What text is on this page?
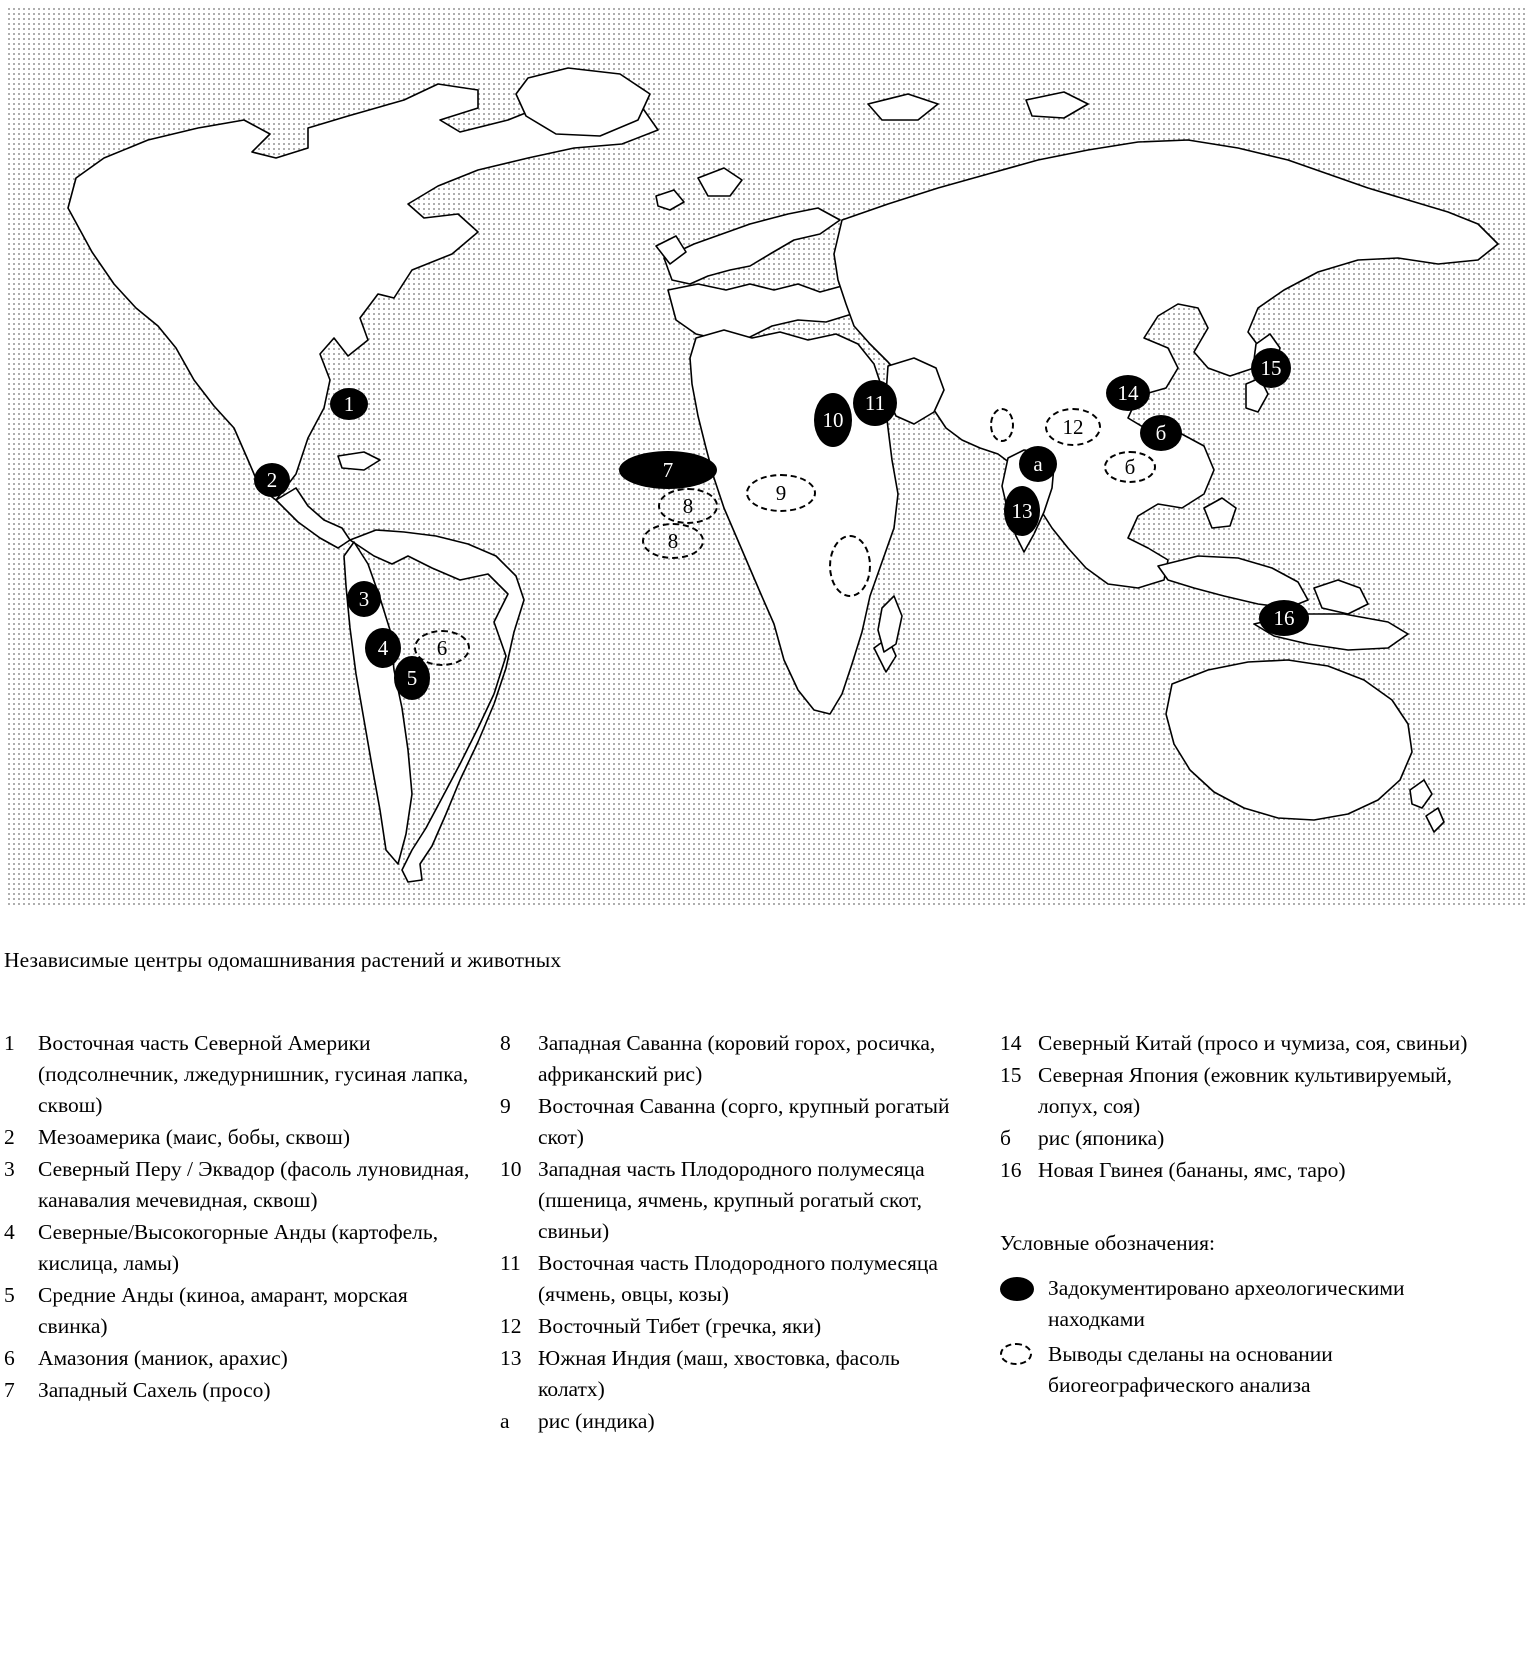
1
2
3
4
5
6
7
8
8
9
10
11
12
13
14
15
16
б
б
а
Независимые центры одомашнивания растений и животных
1	Восточная часть Северной Америки (подсолнечник, лжедурнишник, гусиная лапка, сквош)
2	Мезоамерика (маис, бобы, сквош)
3	Северный Перу / Эквадор (фасоль луновидная, канавалия мечевидная, сквош)
4	Северные/Высокогорные Анды (картофель, кислица, ламы)
5	Средние Анды (киноа, амарант, морская свинка)
6	Амазония (маниок, арахис)
7	Западный Сахель (просо)
8	Западная Саванна (коровий горох, росичка, африканский рис)
9	Восточная Саванна (сорго, крупный рогатый скот)
10 Западная часть Плодородного полумесяца (пшеница, ячмень, крупный рогатый скот, свиньи)
11 Восточная часть Плодородного полумесяца (ячмень, овцы, козы)
12 Восточный Тибет (гречка, яки)
13 Южная Индия (маш, хвостовка, фасоль колатх)
а	рис (индика)
14 Северный Китай (просо и чумиза, соя, свиньи)
15 Северная Япония (ежовник культивируемый, лопух, соя)
б	рис (японика)
16 Новая Гвинея (бананы, ямс, таро)
Условные обозначения:
Задокументировано археологическими находками
Выводы сделаны на основании биогеографического анализа
